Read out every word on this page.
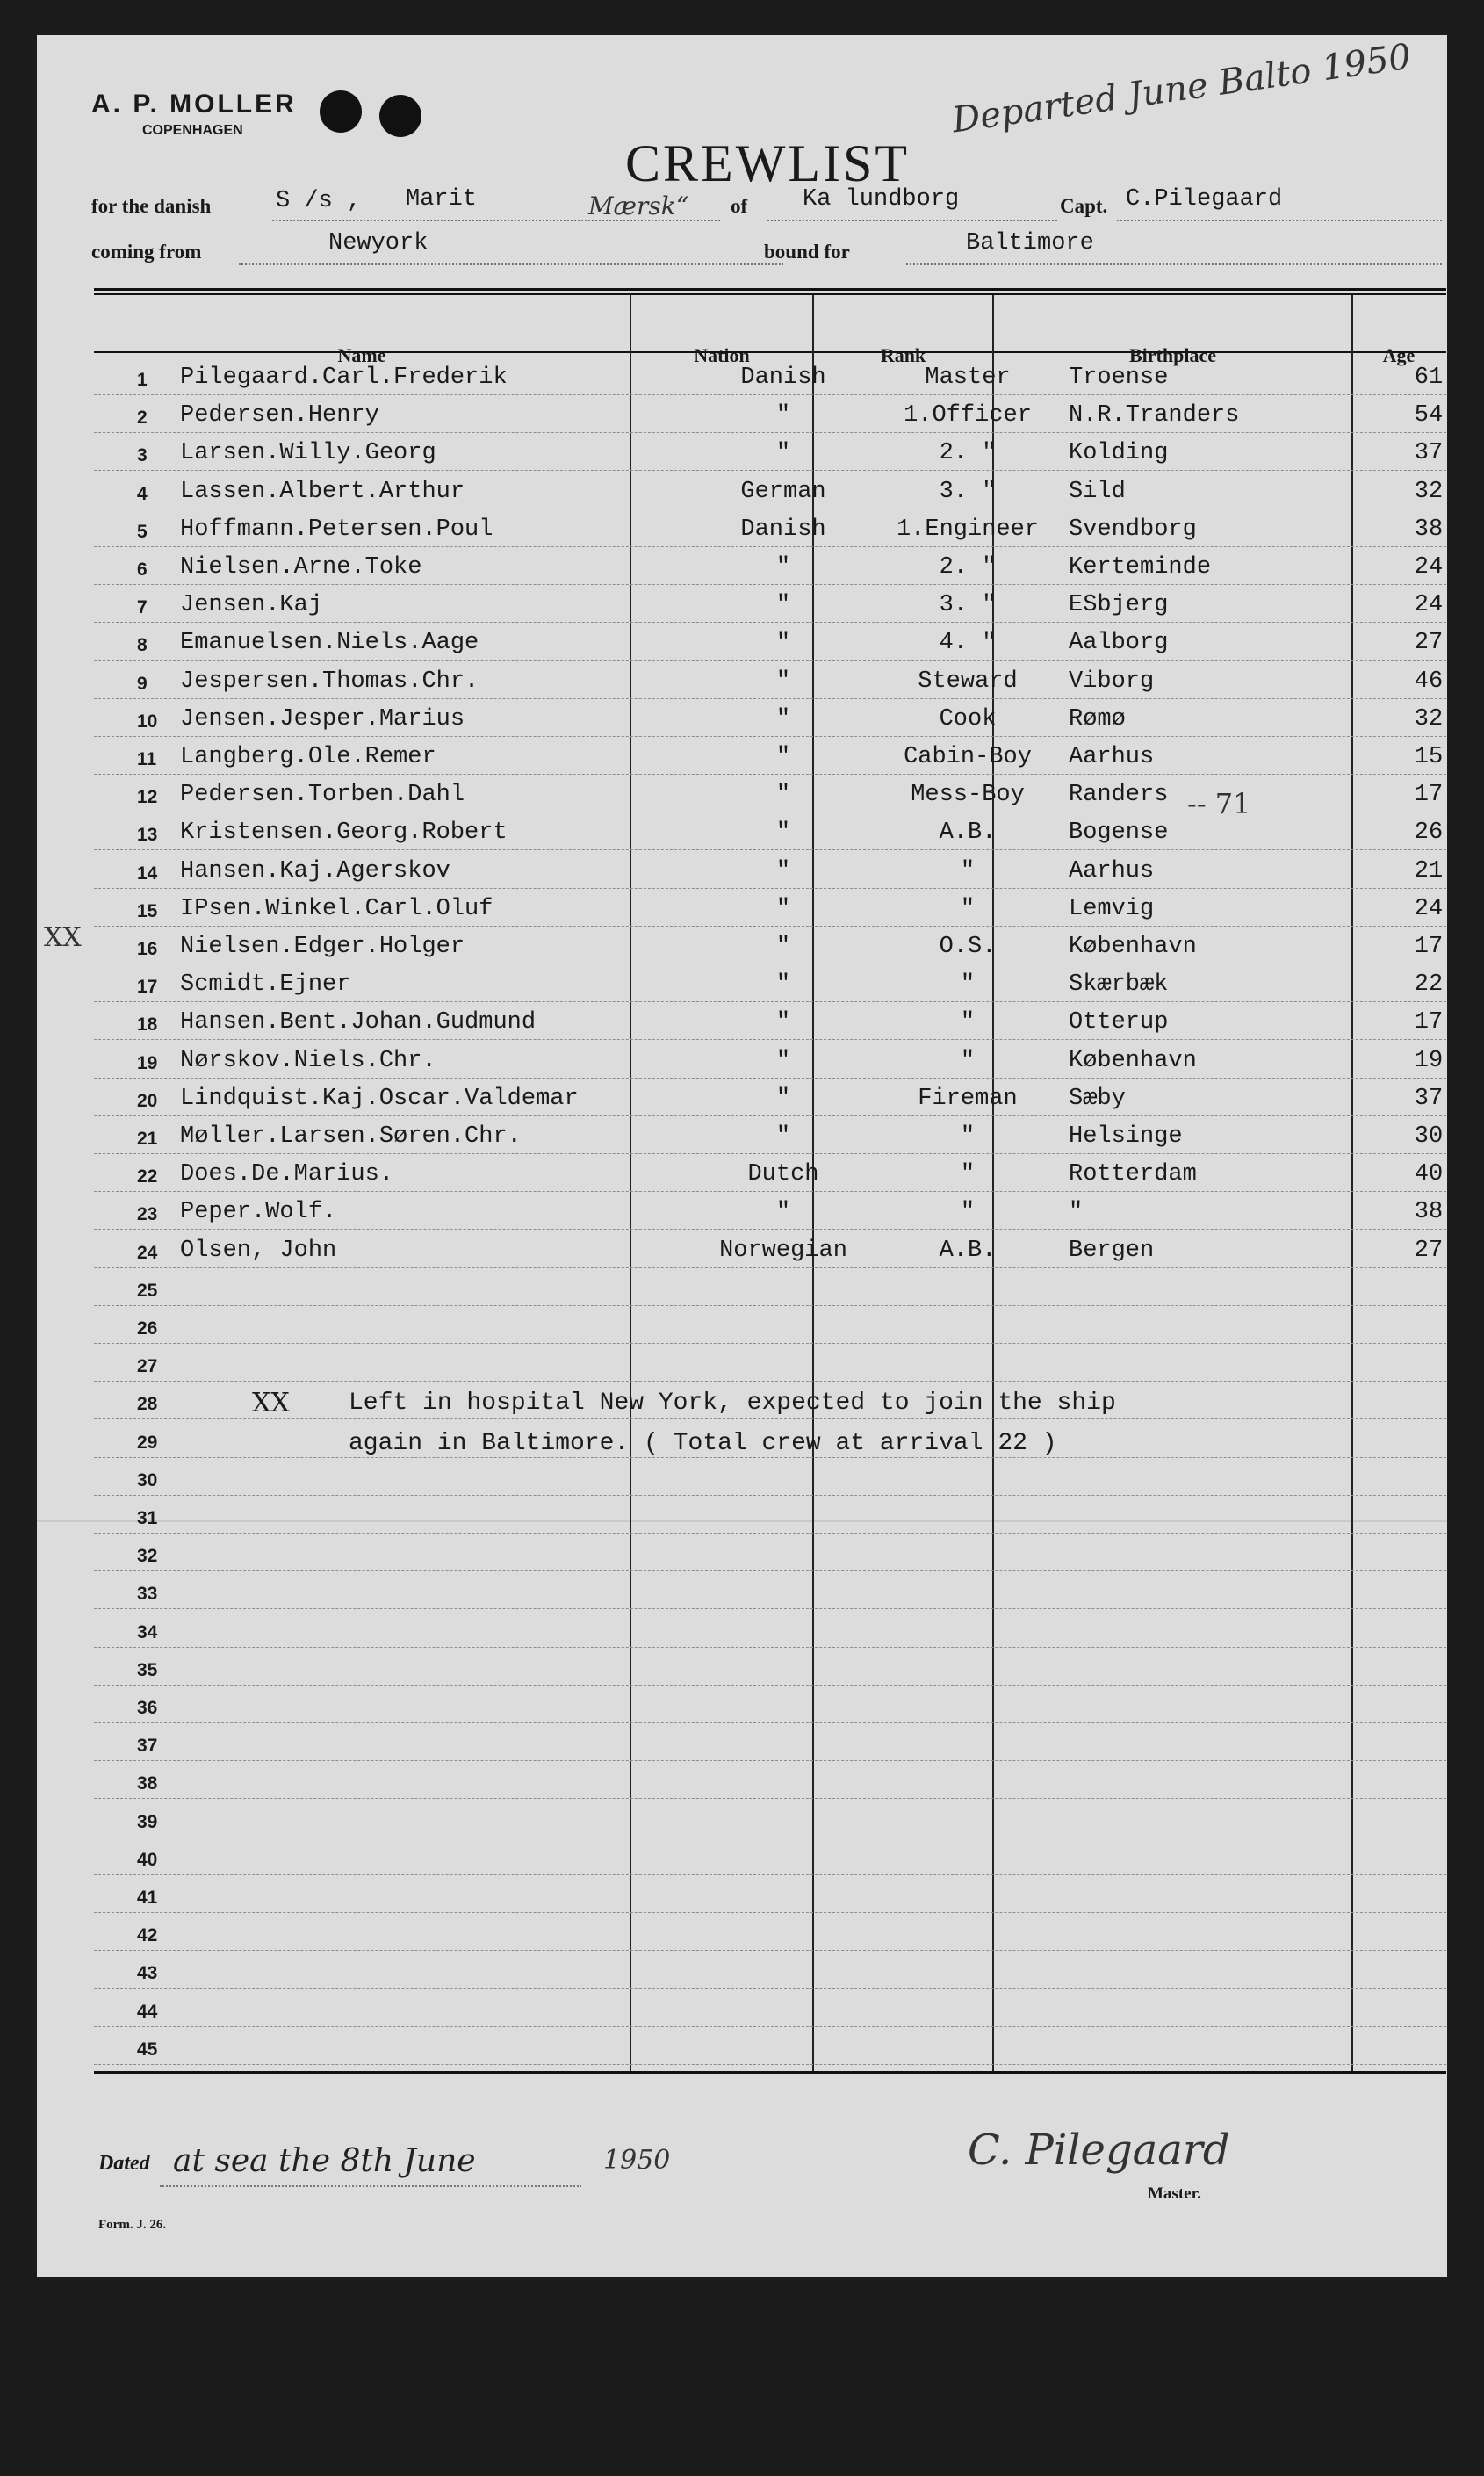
A. P. MOLLER
COPENHAGEN
CREWLIST
Departed June Balto 1950
for the danish	S /s , Marit	Mærsk“ of Ka lundborg	Capt. C.Pilegaard
coming from	Newyork	bound for	Baltimore
Name	Nation	Rank	Birthplace	Age
1	Pilegaard.Carl.Frederik	Danish	Master	Troense	61
2	Pedersen.Henry	"	1.Officer	N.R.Tranders	54
3	Larsen.Willy.Georg	"	2. "	Kolding	37
4	Lassen.Albert.Arthur	German	3. "	Sild	32
5	Hoffmann.Petersen.Poul	Danish	1.Engineer	Svendborg	38
6	Nielsen.Arne.Toke	"	2. "	Kerteminde	24
7	Jensen.Kaj	"	3. "	ESbjerg	24
8	Emanuelsen.Niels.Aage	"	4. "	Aalborg	27
9	Jespersen.Thomas.Chr.	"	Steward	Viborg	46
10 Jensen.Jesper.Marius	"	Cook	Rømø	32
11 Langberg.Ole.Remer	"	Cabin-Boy	Aarhus	15
12 Pedersen.Torben.Dahl	"	Mess-Boy	Randers	17
13 Kristensen.Georg.Robert	"	A.B.	Bogense	26
14 Hansen.Kaj.Agerskov	"	"	Aarhus	21
15 IPsen.Winkel.Carl.Oluf	"	"	Lemvig	24
16 Nielsen.Edger.Holger	"	O.S.	København	17
17 Scmidt.Ejner	"	"	Skærbæk	22
18 Hansen.Bent.Johan.Gudmund	"	"	Otterup	17
19 Nørskov.Niels.Chr.	"	"	København	19
20 Lindquist.Kaj.Oscar.Valdemar	"	Fireman	Sæby	37
21 Møller.Larsen.Søren.Chr.	"	"	Helsinge	30
22 Does.De.Marius.	Dutch	"	Rotterdam	40
23 Peper.Wolf.	"	"	"	38
24 Olsen, John	Norwegian	A.B.	Bergen	27
25
26
27
28
29
30
31
32
33
34
35
36
37
38
39
40
41
42
43
44
45
XX
-- 71
XX Left in hospital New York, expected to join the ship
again in Baltimore. ( Total crew at arrival 22 )
Dated at sea the 8th June	1950	C. Pilegaard
Master.
Form. J. 26.
